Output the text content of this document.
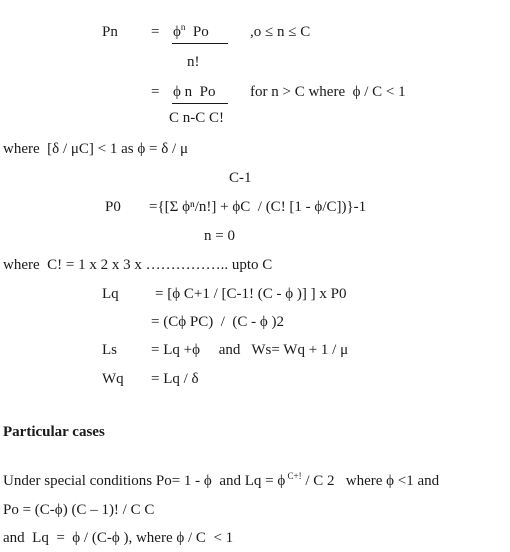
$Pn = \phi^n$  Po	,o ≤ n ≤ C
n!
= ϕ n  Po for n > C where  ϕ / C < 1
C n-C C!
where  [δ / μC] < 1 as ϕ = δ / μ
C-1
P0 ={[Σ ϕⁿ/n!] + ϕC  / (C! [1 - ϕ/C])}-1
n = 0
where  C! = 1 x 2 x 3 x …………….. upto C
Lq = [ϕ C+1 / [C-1! (C - ϕ )] ] x P0
= (Cϕ PC)  /  (C - ϕ )2
Ls = Lq +ϕ     and   Ws= Wq + 1 / μ
Wq = Lq / δ
Particular cases
Under special conditions Po= 1 - ϕ  and Lq = ϕ $^{C+!}$ / C 2   where ϕ <1 and
Po = (C-ϕ) (C – 1)! / C C
and  Lq  =  ϕ / (C-ϕ ), where ϕ / C  < 1
